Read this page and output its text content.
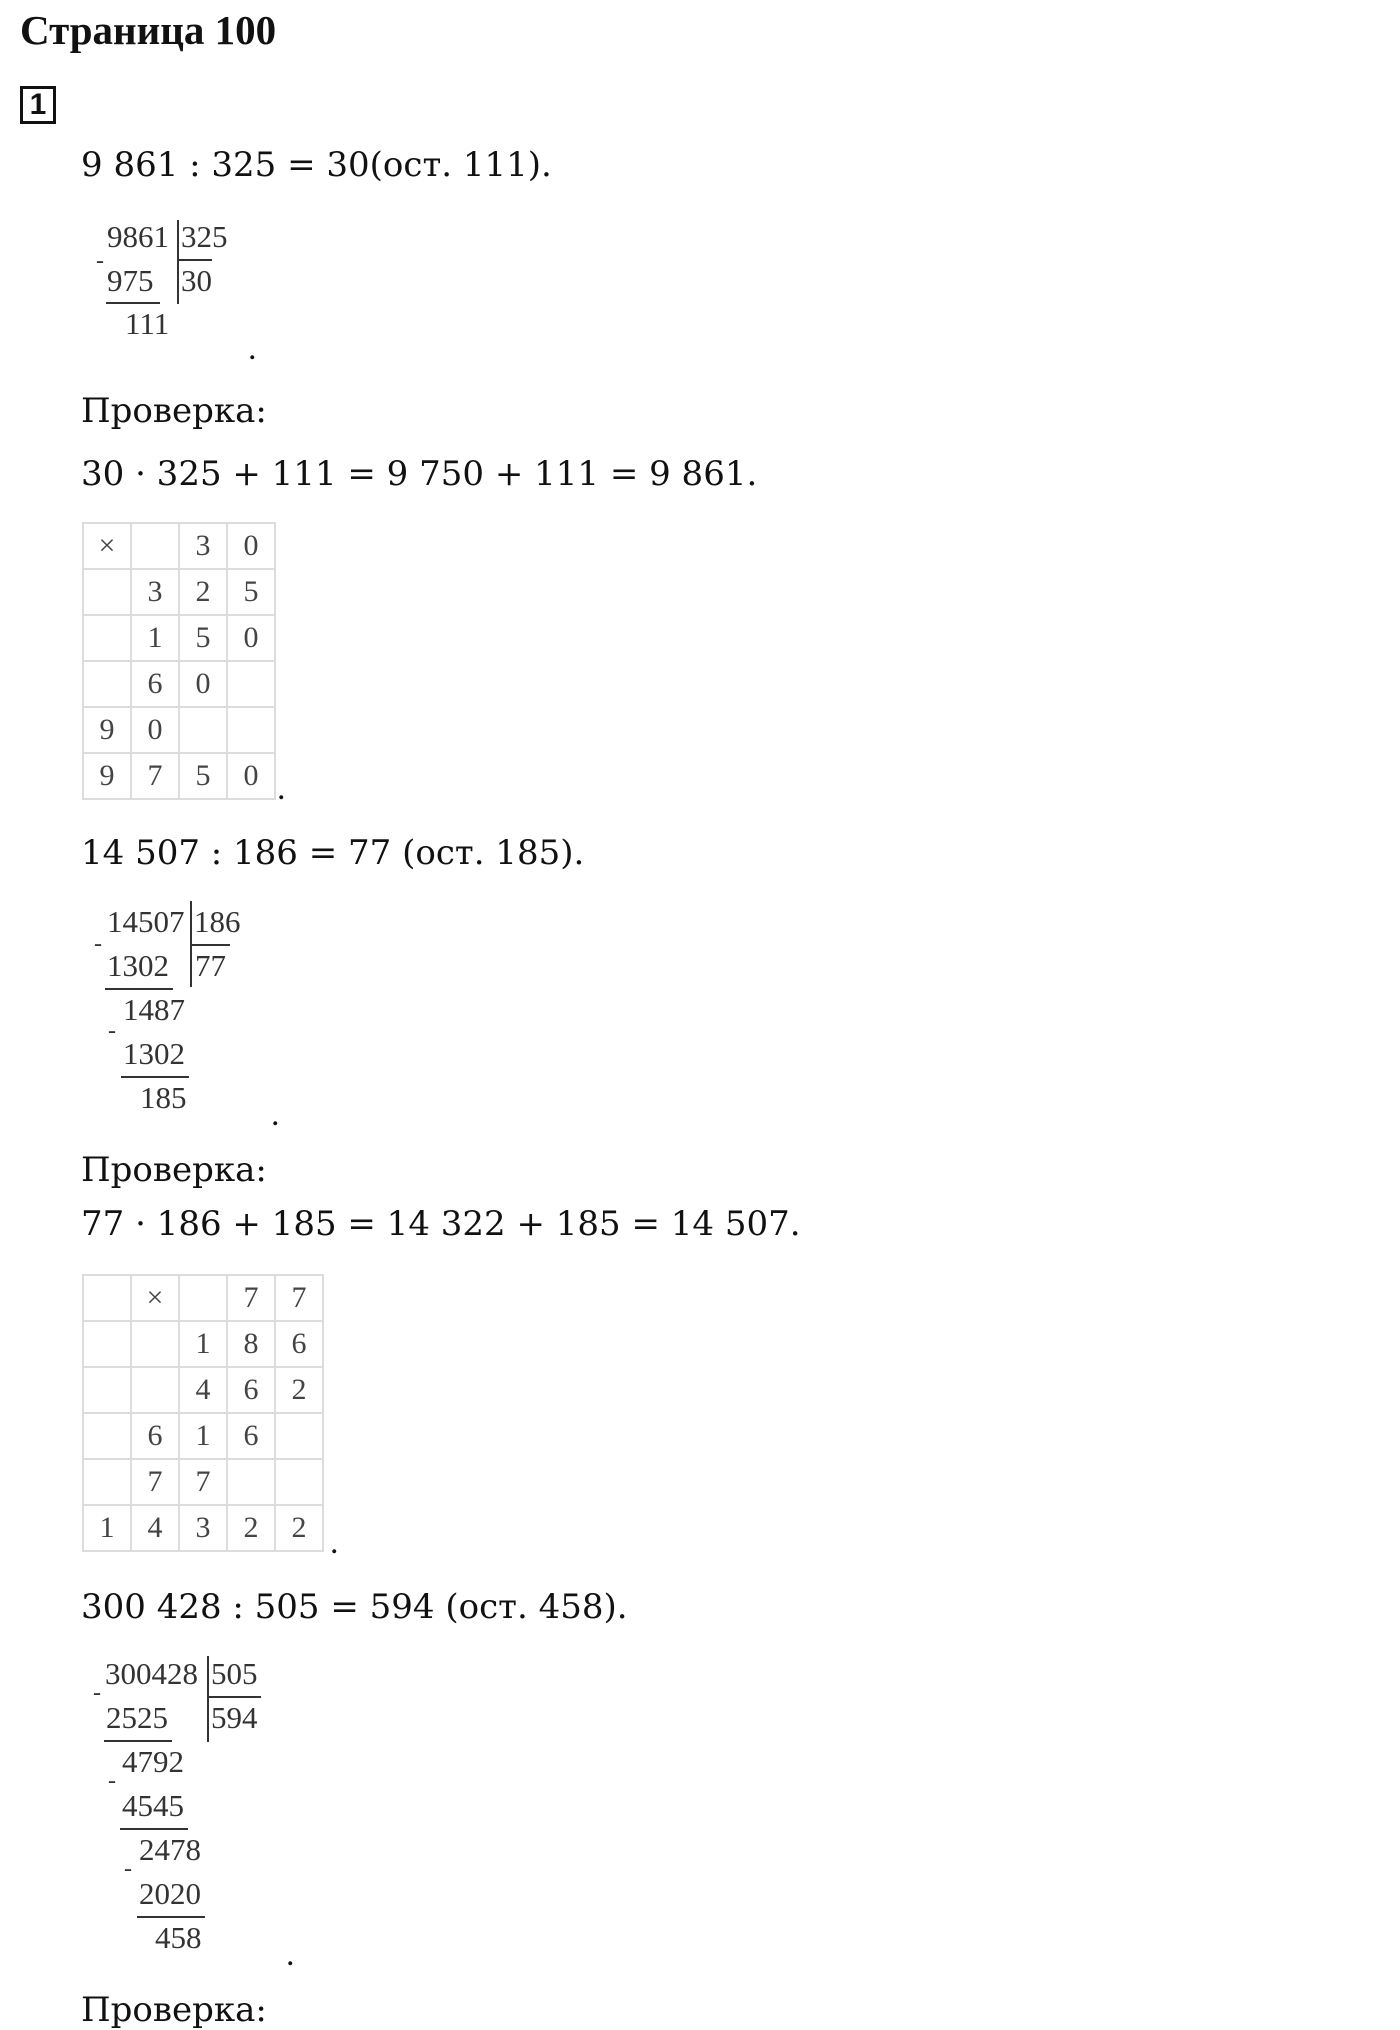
Страница 100
1
9 861 : 325 = 30(ост. 111).
9861 325
30
-
975
111
.
Проверка:
30 · 325 + 111 = 9 750 + 111 = 9 861.
×		3	0
	3	2	5
	1	5	0
	6	0	
9	0		
9	7	5	0 .
14 507 : 186 = 77 (ост. 185).
14507 186
77
-
1302
1487
-
1302
185 .
Проверка:
77 · 186 + 185 = 14 322 + 185 = 14 507.
	×		7	7
		1	8	6
		4	6	2
	6	1	6	
	7	7		
1	4	3	2	2 .
300 428 : 505 = 594 (ост. 458).
300428 505
594
-
2525
4792
-
4545
2478
-
2020
458 .
Проверка:
